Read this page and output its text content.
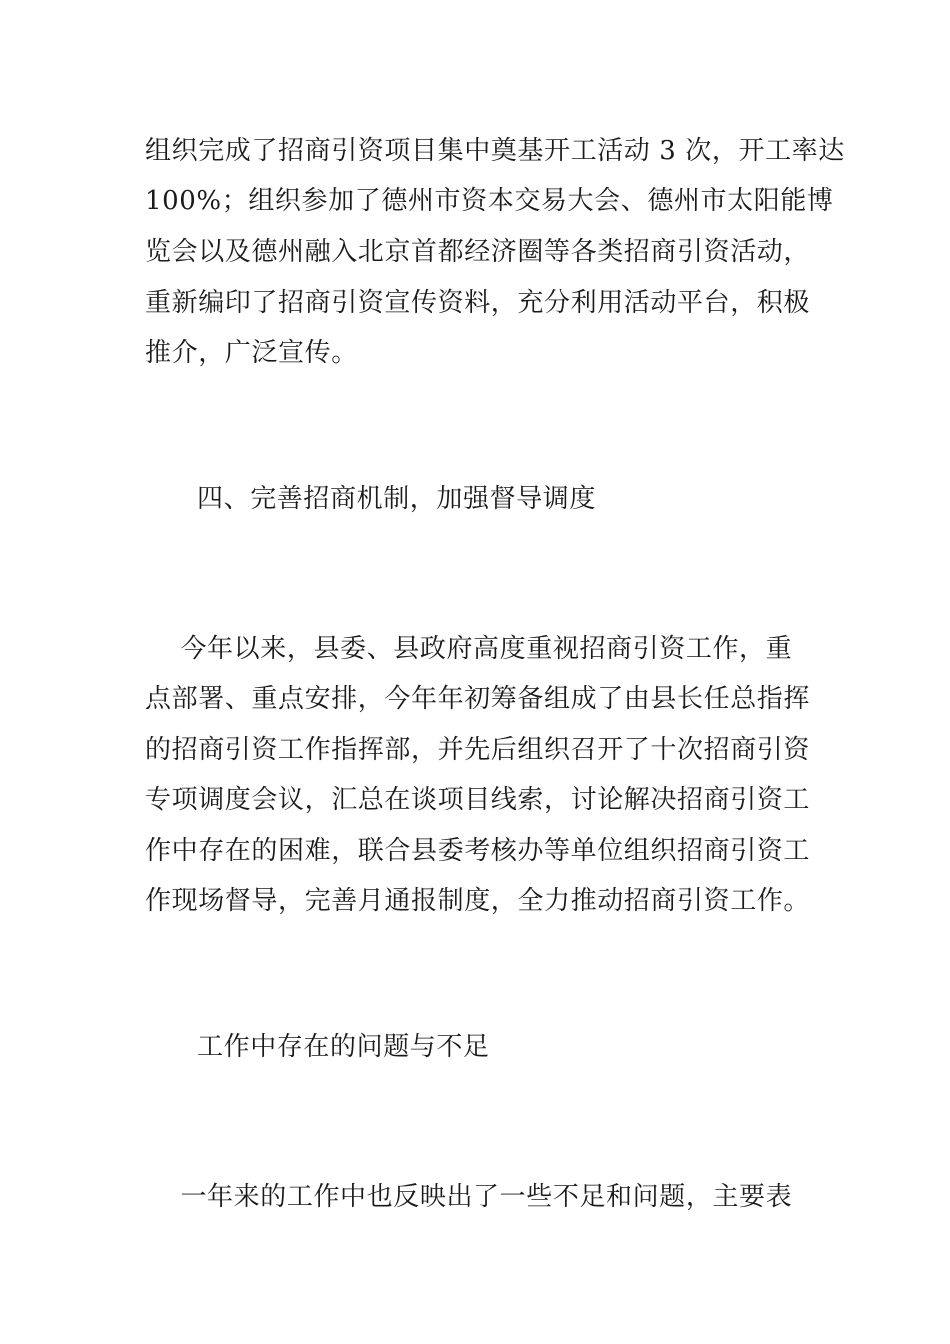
组织完成了招商引资项目集中奠基开工活动 3 次，开工率达
100%；组织参加了德州市资本交易大会、德州市太阳能博
览会以及德州融入北京首都经济圈等各类招商引资活动，
重新编印了招商引资宣传资料，充分利用活动平台，积极
推介，广泛宣传。
四、完善招商机制，加强督导调度
今年以来，县委、县政府高度重视招商引资工作，重
点部署、重点安排，今年年初筹备组成了由县长任总指挥
的招商引资工作指挥部，并先后组织召开了十次招商引资
专项调度会议，汇总在谈项目线索，讨论解决招商引资工
作中存在的困难，联合县委考核办等单位组织招商引资工
作现场督导，完善月通报制度，全力推动招商引资工作。
工作中存在的问题与不足
一年来的工作中也反映出了一些不足和问题，主要表
